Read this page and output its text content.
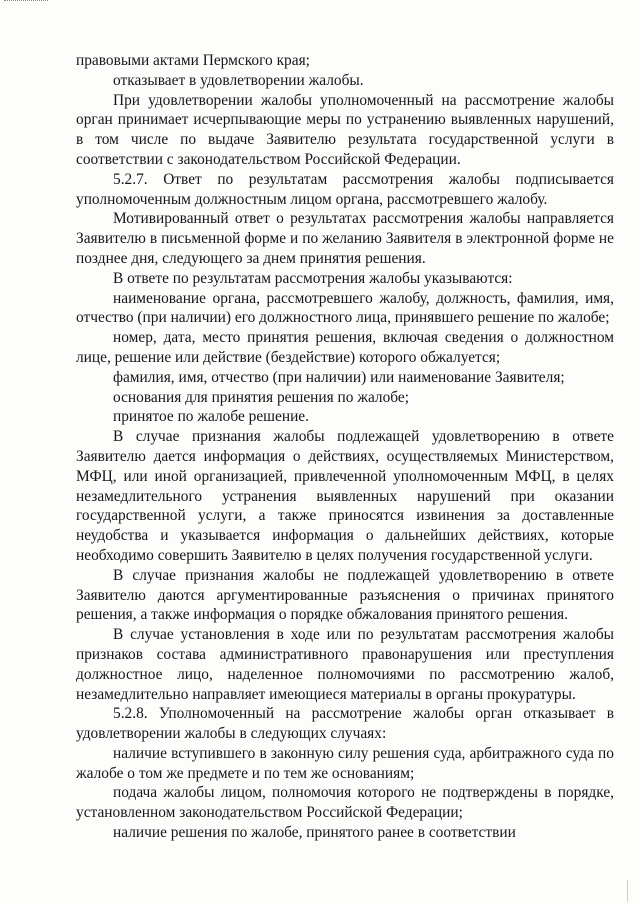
правовыми актами Пермского края;

отказывает в удовлетворении жалобы.

При удовлетворении жалобы уполномоченный на рассмотрение жалобы орган принимает исчерпывающие меры по устранению выявленных нарушений, в том числе по выдаче Заявителю результата государственной услуги в соответствии с законодательством Российской Федерации.

5.2.7. Ответ по результатам рассмотрения жалобы подписывается уполномоченным должностным лицом органа, рассмотревшего жалобу.

Мотивированный ответ о результатах рассмотрения жалобы направляется Заявителю в письменной форме и по желанию Заявителя в электронной форме не позднее дня, следующего за днем принятия решения.

В ответе по результатам рассмотрения жалобы указываются:

наименование органа, рассмотревшего жалобу, должность, фамилия, имя, отчество (при наличии) его должностного лица, принявшего решение по жалобе;

номер, дата, место принятия решения, включая сведения о должностном лице, решение или действие (бездействие) которого обжалуется;

фамилия, имя, отчество (при наличии) или наименование Заявителя;

основания для принятия решения по жалобе;

принятое по жалобе решение.

В случае признания жалобы подлежащей удовлетворению в ответе Заявителю дается информация о действиях, осуществляемых Министерством, МФЦ, или иной организацией, привлеченной уполномоченным МФЦ, в целях незамедлительного устранения выявленных нарушений при оказании государственной услуги, а также приносятся извинения за доставленные неудобства и указывается информация о дальнейших действиях, которые необходимо совершить Заявителю в целях получения государственной услуги.

В случае признания жалобы не подлежащей удовлетворению в ответе Заявителю даются аргументированные разъяснения о причинах принятого решения, а также информация о порядке обжалования принятого решения.

В случае установления в ходе или по результатам рассмотрения жалобы признаков состава административного правонарушения или преступления должностное лицо, наделенное полномочиями по рассмотрению жалоб, незамедлительно направляет имеющиеся материалы в органы прокуратуры.

5.2.8. Уполномоченный на рассмотрение жалобы орган отказывает в удовлетворении жалобы в следующих случаях:

наличие вступившего в законную силу решения суда, арбитражного суда по жалобе о том же предмете и по тем же основаниям;

подача жалобы лицом, полномочия которого не подтверждены в порядке, установленном законодательством Российской Федерации;

наличие решения по жалобе, принятого ранее в соответствии
